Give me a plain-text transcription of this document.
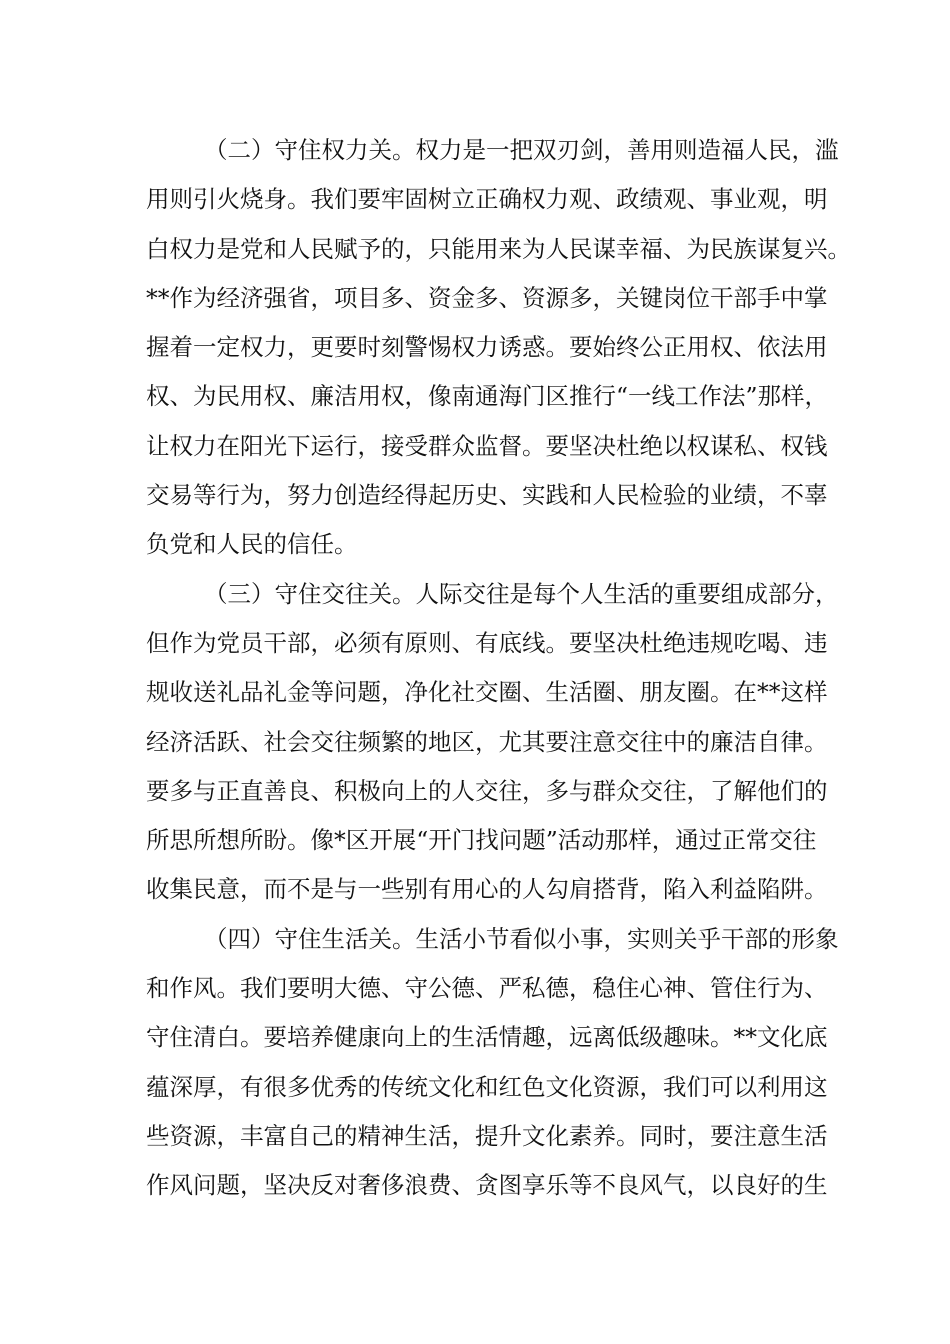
（二）守住权力关。权力是一把双刃剑，善用则造福人民，滥
用则引火烧身。我们要牢固树立正确权力观、政绩观、事业观，明
白权力是党和人民赋予的，只能用来为人民谋幸福、为民族谋复兴。
**作为经济强省，项目多、资金多、资源多，关键岗位干部手中掌
握着一定权力，更要时刻警惕权力诱惑。要始终公正用权、依法用
权、为民用权、廉洁用权，像南通海门区推行“一线工作法”那样，
让权力在阳光下运行，接受群众监督。要坚决杜绝以权谋私、权钱
交易等行为，努力创造经得起历史、实践和人民检验的业绩，不辜
负党和人民的信任。
（三）守住交往关。人际交往是每个人生活的重要组成部分，
但作为党员干部，必须有原则、有底线。要坚决杜绝违规吃喝、违
规收送礼品礼金等问题，净化社交圈、生活圈、朋友圈。在**这样
经济活跃、社会交往频繁的地区，尤其要注意交往中的廉洁自律。
要多与正直善良、积极向上的人交往，多与群众交往，了解他们的
所思所想所盼。像*区开展“开门找问题”活动那样，通过正常交往
收集民意，而不是与一些别有用心的人勾肩搭背，陷入利益陷阱。
（四）守住生活关。生活小节看似小事，实则关乎干部的形象
和作风。我们要明大德、守公德、严私德，稳住心神、管住行为、
守住清白。要培养健康向上的生活情趣，远离低级趣味。**文化底
蕴深厚，有很多优秀的传统文化和红色文化资源，我们可以利用这
些资源，丰富自己的精神生活，提升文化素养。同时，要注意生活
作风问题，坚决反对奢侈浪费、贪图享乐等不良风气，以良好的生
